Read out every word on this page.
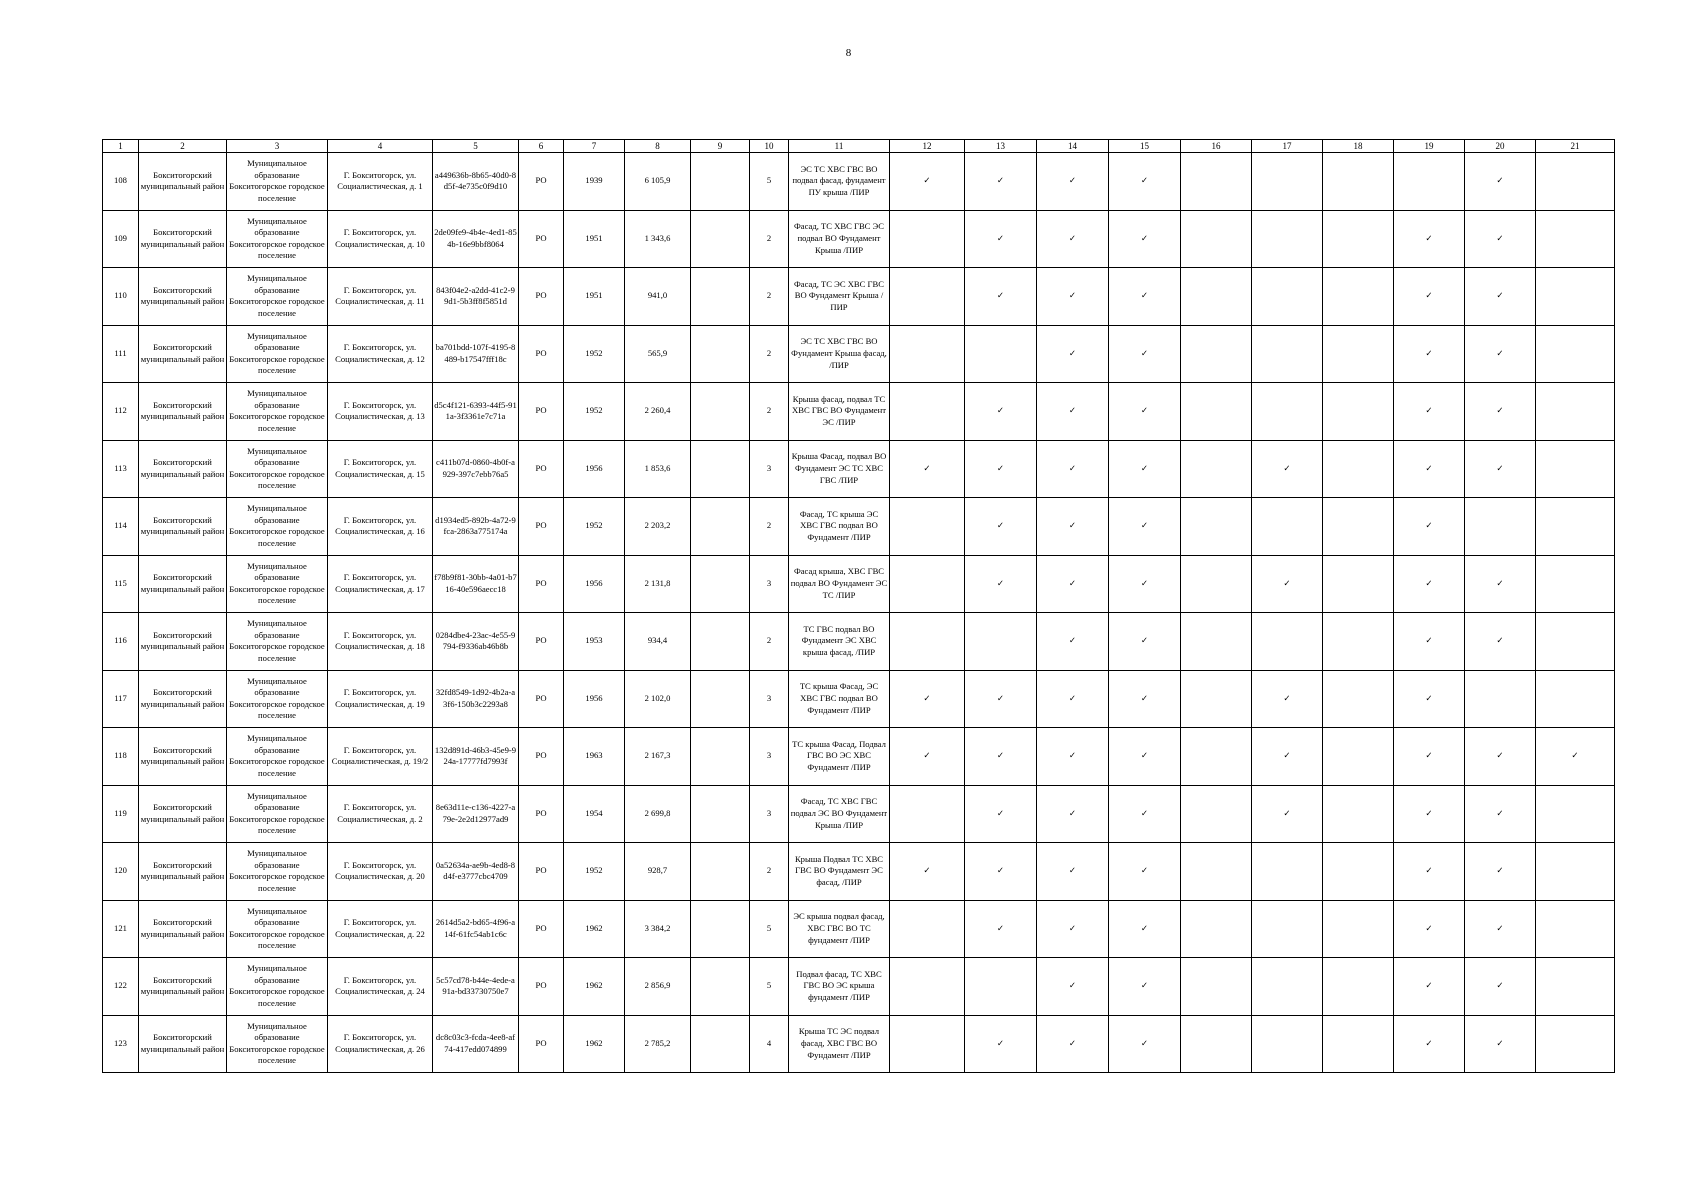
8
1	2	3	4	5	6	7	8	9	10	11	12	13	14	15	16	17	18	19	20	21
108	Бокситогорский муниципальный район	Муниципальное образование Бокситогорское городское поселение	Г. Бокситогорск, ул. Социалистическая, д. 1	a449636b-8b65-40d0-8d5f-4e735c0f9d10	РО	1939	6 105,9		5	ЭС ТС ХВС ГВС ВО подвал фасад, фундамент ПУ крыша /ПИР	✓	✓	✓	✓					✓	
109	Бокситогорский муниципальный район	Муниципальное образование Бокситогорское городское поселение	Г. Бокситогорск, ул. Социалистическая, д. 10	2de09fe9-4b4e-4ed1-854b-16e9bbf8064	РО	1951	1 343,6		2	Фасад, ТС ХВС ГВС ЭС подвал ВО Фундамент Крыша /ПИР		✓	✓	✓				✓	✓	
110	Бокситогорский муниципальный район	Муниципальное образование Бокситогорское городское поселение	Г. Бокситогорск, ул. Социалистическая, д. 11	843f04e2-a2dd-41c2-99d1-5b3ff8f5851d	РО	1951	941,0		2	Фасад, ТС ЭС ХВС ГВС ВО Фундамент Крыша /ПИР		✓	✓	✓				✓	✓	
111	Бокситогорский муниципальный район	Муниципальное образование Бокситогорское городское поселение	Г. Бокситогорск, ул. Социалистическая, д. 12	ba701bdd-107f-4195-8489-b17547fff18c	РО	1952	565,9		2	ЭС ТС ХВС ГВС ВО Фундамент Крыша фасад, /ПИР			✓	✓				✓	✓	
112	Бокситогорский муниципальный район	Муниципальное образование Бокситогорское городское поселение	Г. Бокситогорск, ул. Социалистическая, д. 13	d5c4f121-6393-44f5-911a-3f3361e7c71a	РО	1952	2 260,4		2	Крыша фасад, подвал ТС ХВС ГВС ВО Фундамент ЭС /ПИР		✓	✓	✓				✓	✓	
113	Бокситогорский муниципальный район	Муниципальное образование Бокситогорское городское поселение	Г. Бокситогорск, ул. Социалистическая, д. 15	c411b07d-0860-4b0f-a929-397c7ebb76a5	РО	1956	1 853,6		3	Крыша Фасад, подвал ВО Фундамент ЭС ТС ХВС ГВС /ПИР	✓	✓	✓	✓		✓		✓	✓	
114	Бокситогорский муниципальный район	Муниципальное образование Бокситогорское городское поселение	Г. Бокситогорск, ул. Социалистическая, д. 16	d1934ed5-892b-4a72-9fca-2863a775174a	РО	1952	2 203,2		2	Фасад, ТС крыша ЭС ХВС ГВС подвал ВО Фундамент /ПИР		✓	✓	✓				✓		
115	Бокситогорский муниципальный район	Муниципальное образование Бокситогорское городское поселение	Г. Бокситогорск, ул. Социалистическая, д. 17	f78b9f81-30bb-4a01-b716-40e596aecc18	РО	1956	2 131,8		3	Фасад крыша, ХВС ГВС подвал ВО Фундамент ЭС ТС /ПИР		✓	✓	✓		✓		✓	✓	
116	Бокситогорский муниципальный район	Муниципальное образование Бокситогорское городское поселение	Г. Бокситогорск, ул. Социалистическая, д. 18	0284dbe4-23ac-4e55-9794-f9336ab46b8b	РО	1953	934,4		2	ТС ГВС подвал ВО Фундамент ЭС ХВС крыша фасад, /ПИР			✓	✓				✓	✓	
117	Бокситогорский муниципальный район	Муниципальное образование Бокситогорское городское поселение	Г. Бокситогорск, ул. Социалистическая, д. 19	32fd8549-1d92-4b2a-a3f6-150b3c2293a8	РО	1956	2 102,0		3	ТС крыша Фасад, ЭС ХВС ГВС подвал ВО Фундамент /ПИР	✓	✓	✓	✓		✓		✓		
118	Бокситогорский муниципальный район	Муниципальное образование Бокситогорское городское поселение	Г. Бокситогорск, ул. Социалистическая, д. 19/2	132d891d-46b3-45e9-924a-17777fd7993f	РО	1963	2 167,3		3	ТС крыша Фасад, Подвал ГВС ВО ЭС ХВС Фундамент /ПИР	✓	✓	✓	✓		✓		✓	✓	✓
119	Бокситогорский муниципальный район	Муниципальное образование Бокситогорское городское поселение	Г. Бокситогорск, ул. Социалистическая, д. 2	8e63d11e-c136-4227-a79e-2e2d12977ad9	РО	1954	2 699,8		3	Фасад, ТС ХВС ГВС подвал ЭС ВО Фундамент Крыша /ПИР		✓	✓	✓		✓		✓	✓	
120	Бокситогорский муниципальный район	Муниципальное образование Бокситогорское городское поселение	Г. Бокситогорск, ул. Социалистическая, д. 20	0a52634a-ae9b-4ed8-8d4f-e3777cbc4709	РО	1952	928,7		2	Крыша Подвал ТС ХВС ГВС ВО Фундамент ЭС фасад, /ПИР	✓	✓	✓	✓				✓	✓	
121	Бокситогорский муниципальный район	Муниципальное образование Бокситогорское городское поселение	Г. Бокситогорск, ул. Социалистическая, д. 22	2614d5a2-bd65-4f96-a14f-61fc54ab1c6c	РО	1962	3 384,2		5	ЭС крыша подвал фасад, ХВС ГВС ВО ТС фундамент /ПИР		✓	✓	✓				✓	✓	
122	Бокситогорский муниципальный район	Муниципальное образование Бокситогорское городское поселение	Г. Бокситогорск, ул. Социалистическая, д. 24	5c57cd78-b44e-4ede-a91a-bd33730750e7	РО	1962	2 856,9		5	Подвал фасад, ТС ХВС ГВС ВО ЭС крыша фундамент /ПИР			✓	✓				✓	✓	
123	Бокситогорский муниципальный район	Муниципальное образование Бокситогорское городское поселение	Г. Бокситогорск, ул. Социалистическая, д. 26	dc8c03c3-fcda-4ee8-af74-417edd074899	РО	1962	2 785,2		4	Крыша ТС ЭС подвал фасад, ХВС ГВС ВО Фундамент /ПИР		✓	✓	✓				✓	✓	
